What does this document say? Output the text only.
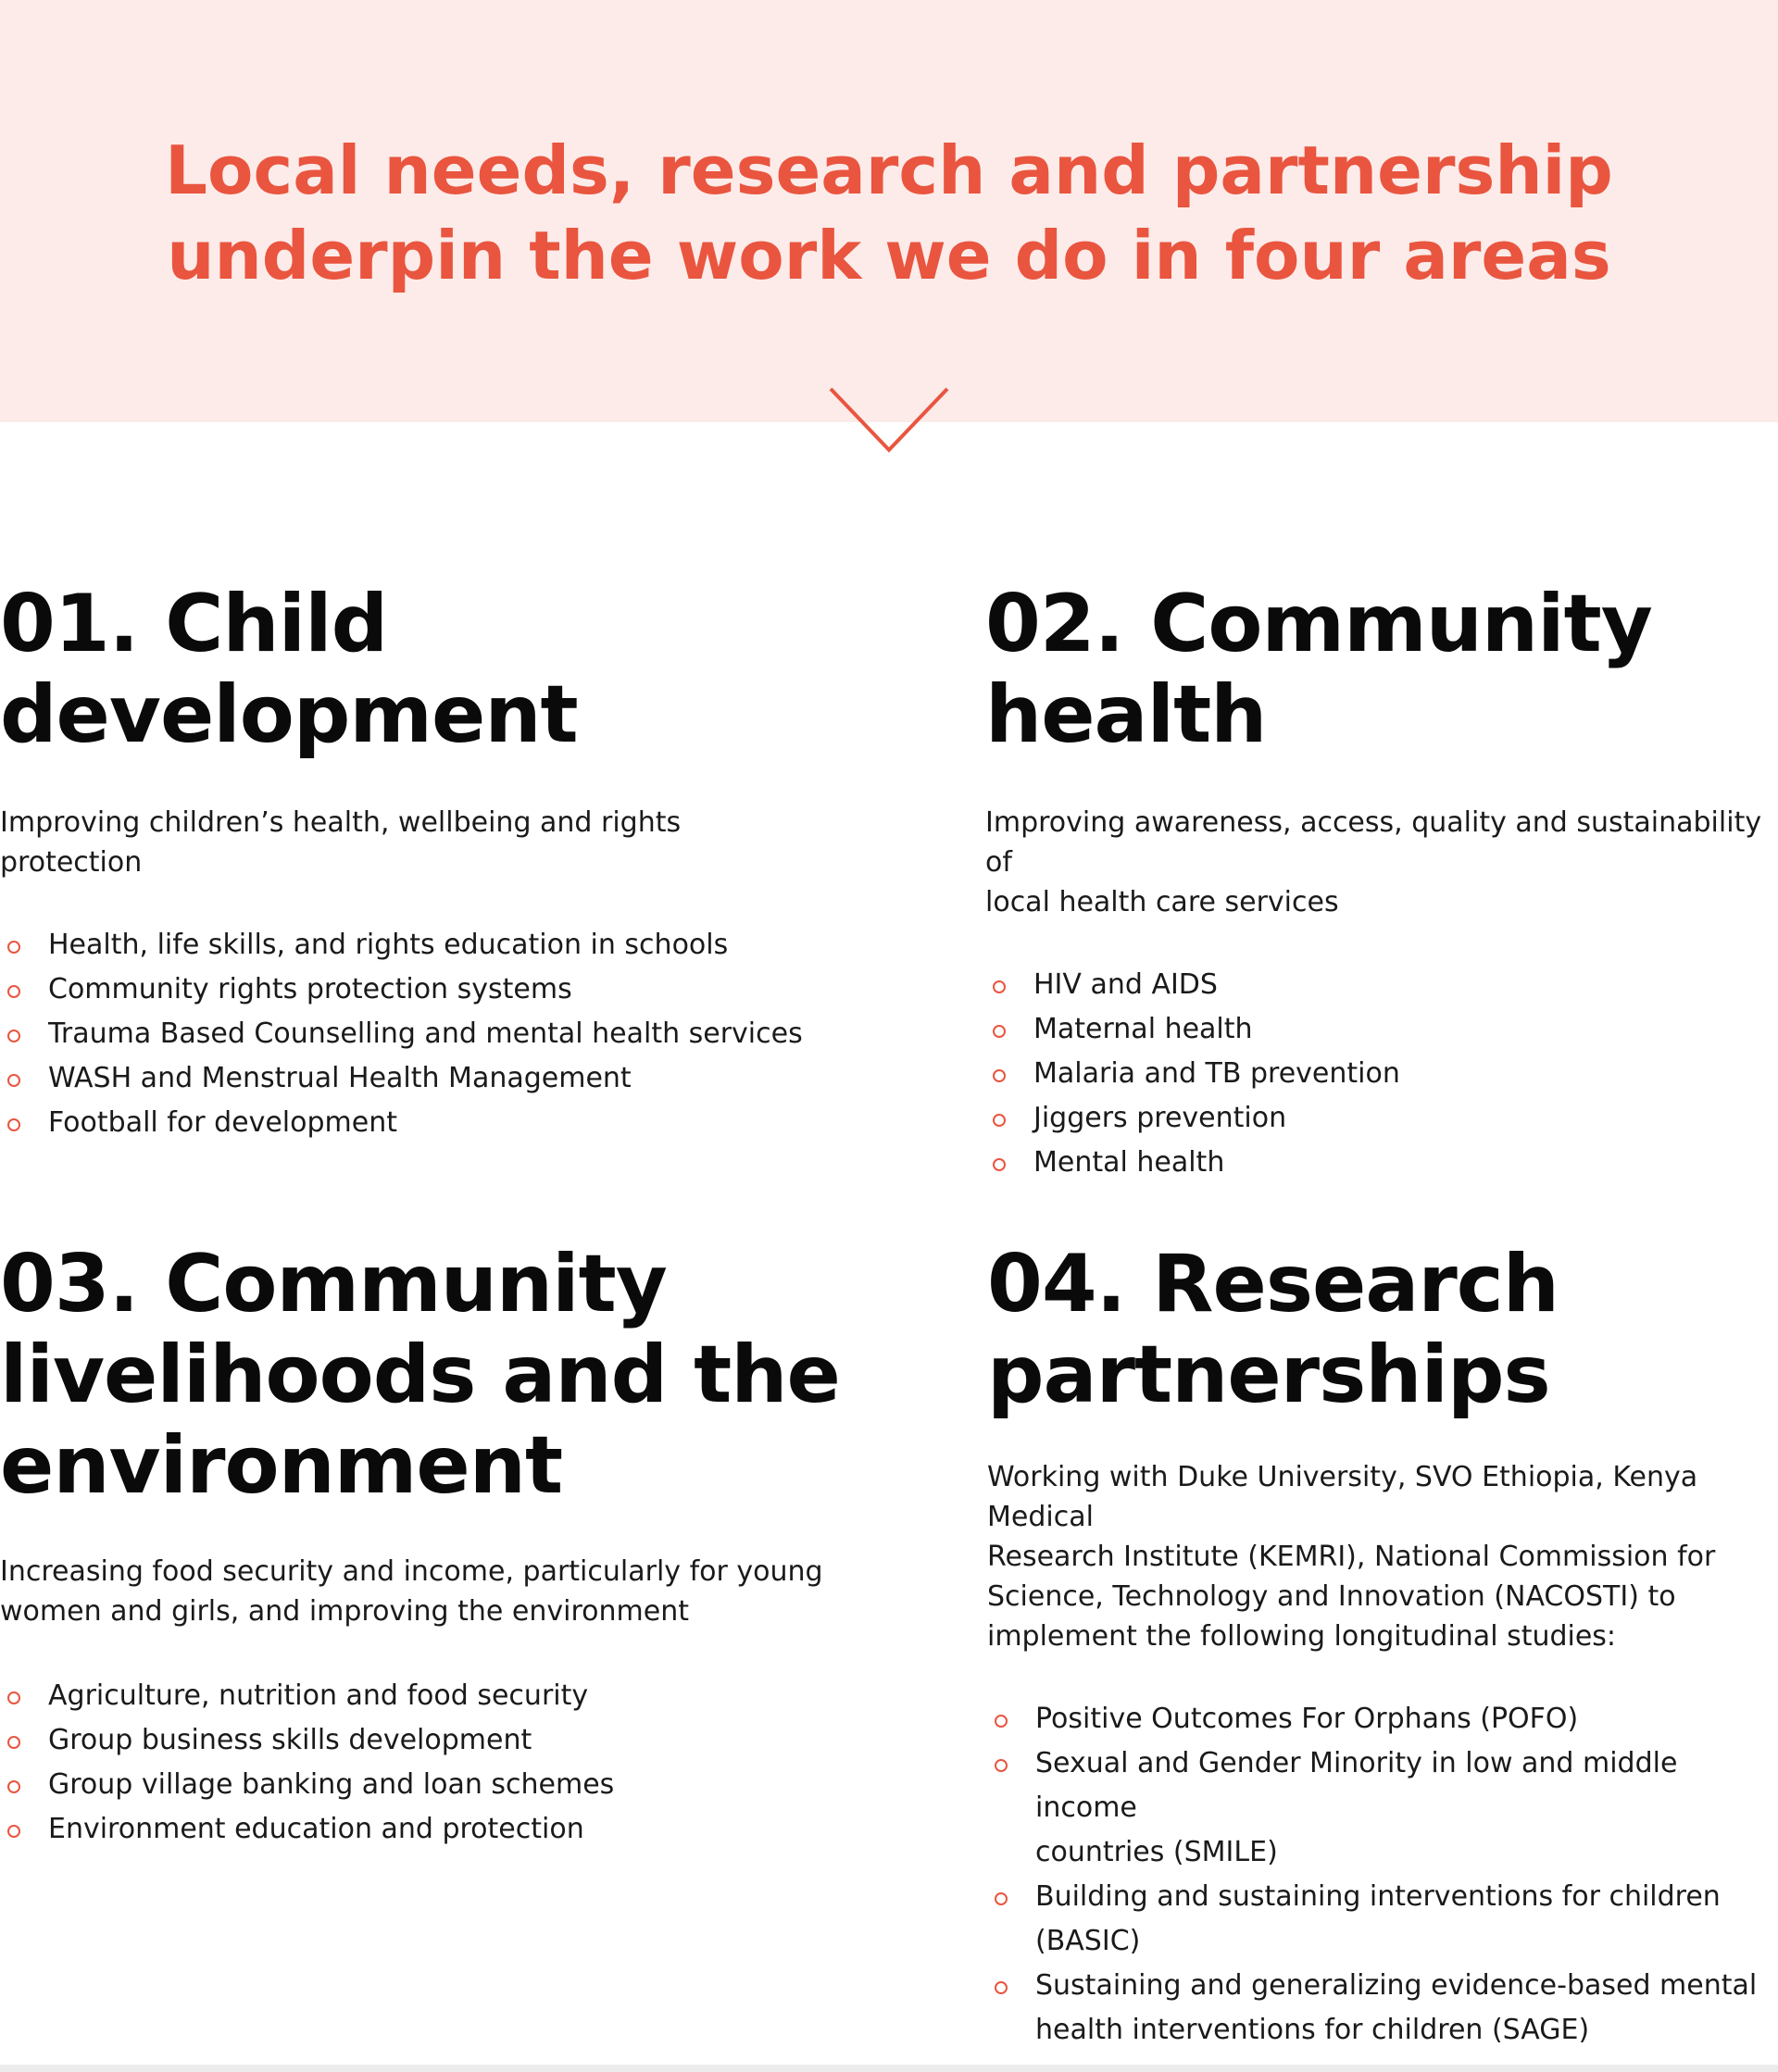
Local needs, research and partnership
underpin the work we do in four areas
01. Child
development

Improving children’s health, wellbeing and rights
protection

Health, life skills, and rights education in schools
Community rights protection systems
Trauma Based Counselling and mental health services
WASH and Menstrual Health Management
Football for development
02. Community
health

Improving awareness, access, quality and sustainability of
local health care services

HIV and AIDS
Maternal health
Malaria and TB prevention
Jiggers prevention
Mental health
03. Community
livelihoods and the
environment

Increasing food security and income, particularly for young
women and girls, and improving the environment

Agriculture, nutrition and food security
Group business skills development
Group village banking and loan schemes
Environment education and protection
04. Research
partnerships

Working with Duke University, SVO Ethiopia, Kenya Medical
Research Institute (KEMRI), National Commission for
Science, Technology and Innovation (NACOSTI) to
implement the following longitudinal studies:

Positive Outcomes For Orphans (POFO)
Sexual and Gender Minority in low and middle income
countries (SMILE)
Building and sustaining interventions for children
(BASIC)
Sustaining and generalizing evidence-based mental
health interventions for children (SAGE)
